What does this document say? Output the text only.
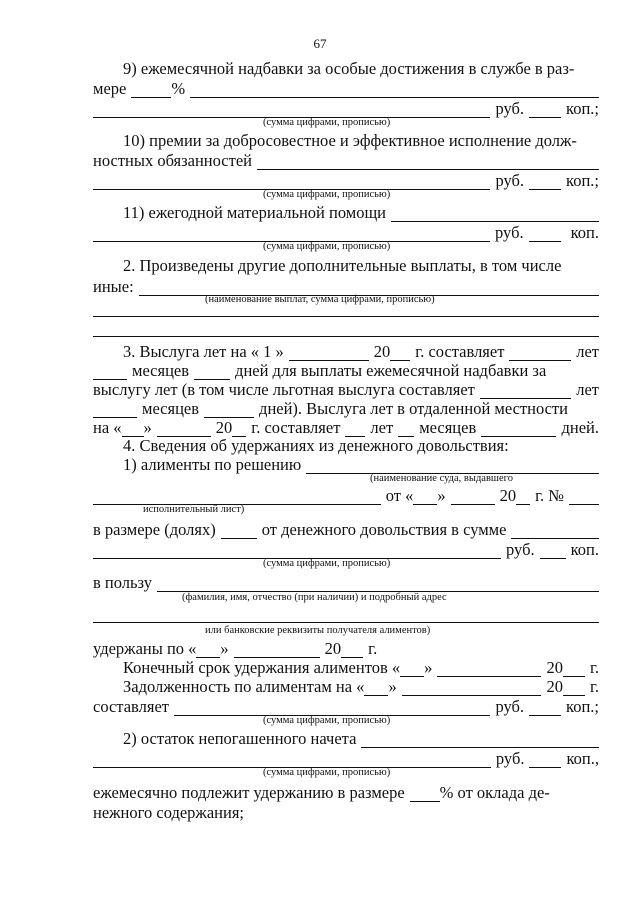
67
9) ежемесячной надбавки за особые достижения в службе в раз-
мере	%
руб.	коп.;
(сумма цифрами, прописью)
10) премии за добросовестное и эффективное исполнение долж-
ностных обязанностей
руб.	коп.;
(сумма цифрами, прописью)
11) ежегодной материальной помощи
руб.	коп.
(сумма цифрами, прописью)
2. Произведены другие дополнительные выплаты, в том числе
иные:
(наименование выплат, сумма цифрами, прописью)
3. Выслуга лет на « 1 »	20 г. составляет	лет
месяцев	дней для выплаты ежемесячной надбавки за
выслугу лет (в том числе льготная выслуга составляет	лет
месяцев	дней). Выслуга лет в отдаленной местности
на « »	20 г. составляет лет месяцев	дней.
4. Сведения об удержаниях из денежного довольствия:
1) алименты по решению
(наименование суда, выдавшего
от « »	20 г. №
исполнительный лист)
в размере (долях)	от денежного довольствия в сумме
руб. коп.
(сумма цифрами, прописью)
в пользу
(фамилия, имя, отчество (при наличии) и подробный адрес
или банковские реквизиты получателя алиментов)
удержаны по « »	20 г.
Конечный срок удержания алиментов « »	20 г.
Задолженность по алиментам на « »	20 г.
составляет	руб.	коп.;
(сумма цифрами, прописью)
2) остаток непогашенного начета
руб.	коп.,
(сумма цифрами, прописью)
ежемесячно подлежит удержанию в размере % от оклада де-
нежного содержания;
